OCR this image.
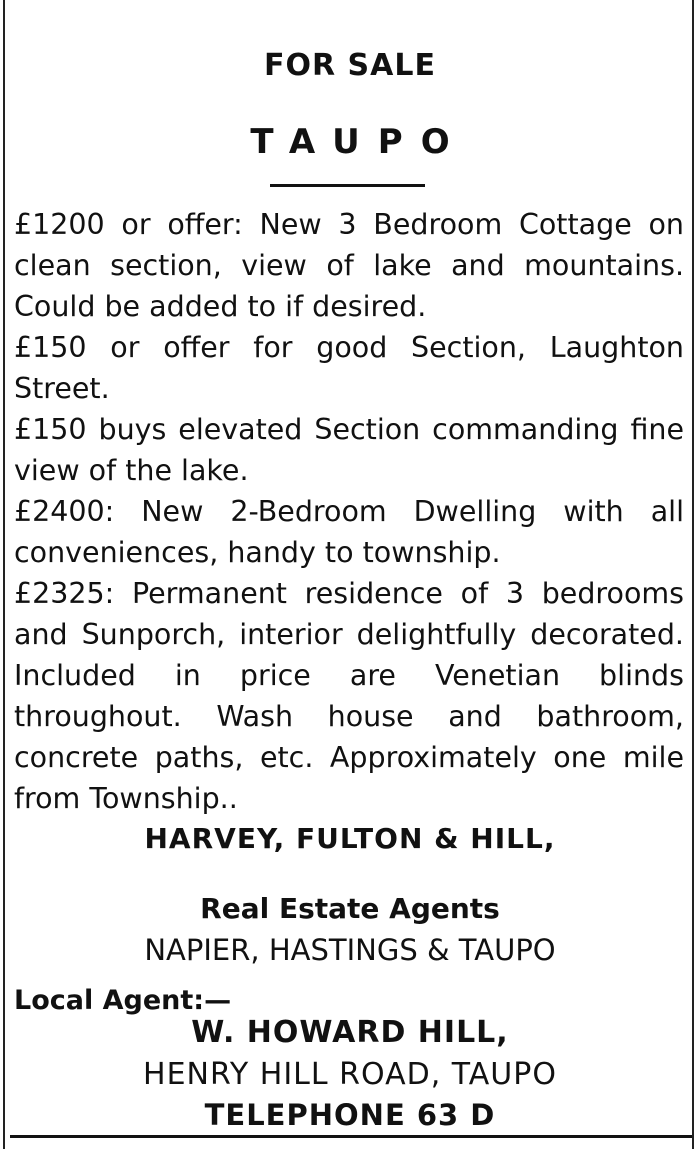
FOR SALE
TAUPO

£1200 or offer: New 3 Bedroom Cottage on clean section, view of lake and mountains. Could be added to if desired.

£150 or offer for good Section, Laughton Street.

£150 buys elevated Section commanding fine view of the lake.

£2400: New 2-Bedroom Dwelling with all conveniences, handy to township.

£2325: Permanent residence of 3 bedrooms and Sunporch, interior delightfully decorated. Included in price are Venetian blinds throughout. Wash house and bathroom, concrete paths, etc. Approximately one mile from Township..

HARVEY, FULTON & HILL,
Real Estate Agents
NAPIER, HASTINGS & TAUPO
Local Agent:—
W. HOWARD HILL,
HENRY HILL ROAD, TAUPO
TELEPHONE 63 D
